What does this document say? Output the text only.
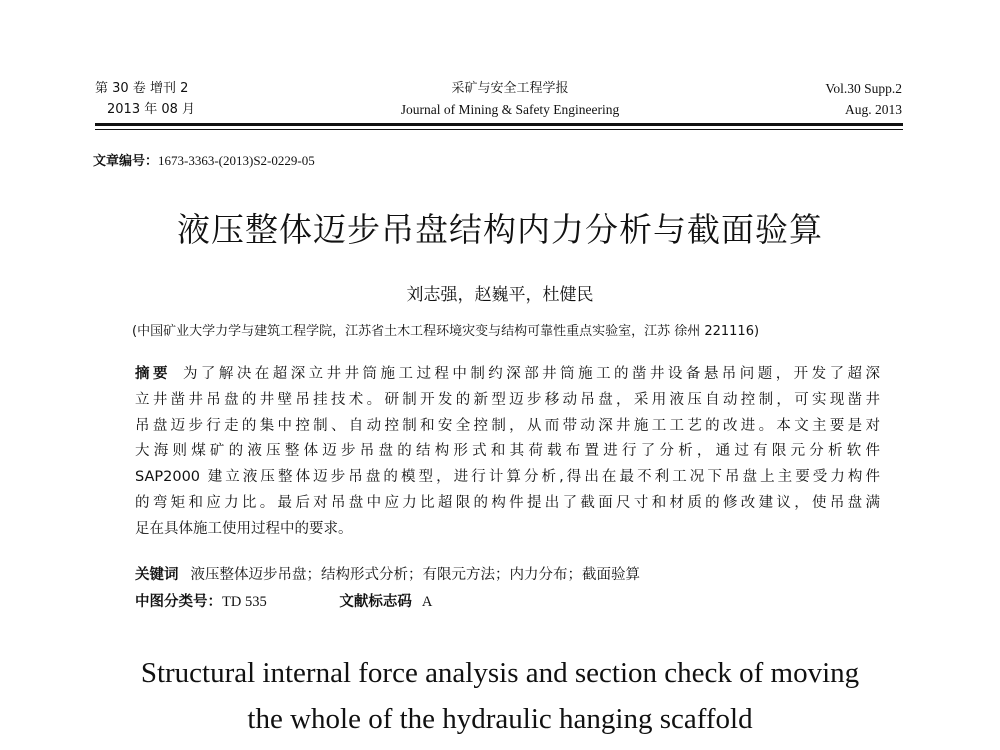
第 30 卷 增刊 2
2013 年 08 月
采矿与安全工程学报
Journal of Mining & Safety Engineering
Vol.30 Supp.2
Aug. 2013
文章编号：1673-3363-(2013)S2-0229-05
液压整体迈步吊盘结构内力分析与截面验算
刘志强，赵巍平，杜健民
(中国矿业大学力学与建筑工程学院，江苏省土木工程环境灾变与结构可靠性重点实验室，江苏 徐州 221116)
摘要 为了解决在超深立井井筒施工过程中制约深部井筒施工的凿井设备悬吊问题，开发了超深
立井凿井吊盘的井壁吊挂技术。研制开发的新型迈步移动吊盘，采用液压自动控制，可实现凿井
吊盘迈步行走的集中控制、自动控制和安全控制，从而带动深井施工工艺的改进。本文主要是对
大海则煤矿的液压整体迈步吊盘的结构形式和其荷载布置进行了分析，通过有限元分析软件
SAP2000 建立液压整体迈步吊盘的模型，进行计算分析,得出在最不利工况下吊盘上主要受力构件
的弯矩和应力比。最后对吊盘中应力比超限的构件提出了截面尺寸和材质的修改建议，使吊盘满
足在具体施工使用过程中的要求。
关键词 液压整体迈步吊盘；结构形式分析；有限元方法；内力分布；截面验算
中图分类号：TD 535	文献标志码 A
Structural internal force analysis and section check of moving
the whole of the hydraulic hanging scaffold
